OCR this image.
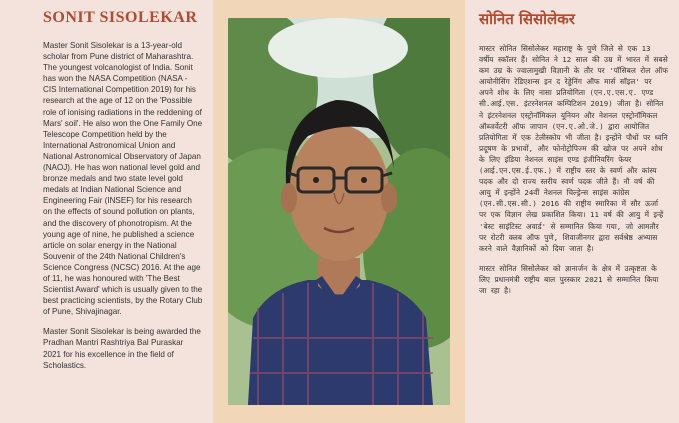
SONIT SISOLEKAR

Master Sonit Sisolekar is a 13-year-old scholar from Pune district of Maharashtra. The youngest volcanologist of India. Sonit has won the NASA Competition (NASA - CIS International Competition 2019) for his research at the age of 12 on the 'Possible role of ionising radiations in the reddening of Mars' soil'. He also won the One Family One Telescope Competition held by the International Astronomical Union and National Astronomical Observatory of Japan (NAOJ). He has won national level gold and bronze medals and two state level gold medals at Indian National Science and Engineering Fair (INSEF) for his research on the effects of sound pollution on plants, and the discovery of phonotropism. At the young age of nine, he published a science article on solar energy in the National Souvenir of the 24th National Children's Science Congress (NCSC) 2016. At the age of 11, he was honoured with 'The Best Scientist Award' which is usually given to the best practicing scientists, by the Rotary Club of Pune, Shivajinagar.

Master Sonit Sisolekar is being awarded the Pradhan Mantri Rashtriya Bal Puraskar 2021 for his excellence in the field of Scholastics.

सोनित सिसोलेकर

मास्टर सोनित सिसोलेकर महाराष्ट्र के पुणे जिले से एक 13 वर्षीय स्कॉलर हैं। सोनित ने 12 साल की उम्र में भारत में सबसे कम उम्र के ज्वालामुखी विज्ञानी के तौर पर 'पॉसिबल रोल ऑफ आयोनीसिंग रेडिएशन्स इन द रेड्डेनिंग ऑफ मार्स सॉइल' पर अपने शोध के लिए नासा प्रतियोगिता (एन.ए.एस.ए. एण्ड सी.आई.एस. इंटरनेशनल कम्पिटिशन 2019) जीता है। सोनित ने इंटरनेशनल एस्ट्रोनॉमिकल यूनियन और नेशनल एस्ट्रोनॉमिकल ऑब्जर्वेटरी ऑफ जापान (एन.ए.ओ.जे.) द्वारा आयोजित प्रतियोगिता में एक टेलीस्कोप भी जीता है। इन्होंने पौधों पर ध्वनि प्रदूषण के प्रभावों, और फोनोट्रोपिज्म की खोज पर अपने शोध के लिए इंडिया नेशनल साइंस एण्ड इंजीनियरिंग फेयर (आई.एन.एस.ई.एफ.) में राष्ट्रीय स्तर के स्वर्ण और कांस्य पदक और दो राज्य स्तरीय स्वर्ण पदक जीते हैं। नौ वर्ष की आयु में इन्होंने 24वीं नेशनल चिल्ड्रेन्स साइंस कांग्रेस (एन.सी.एस.सी.) 2016 की राष्ट्रीय स्मारिका में सौर ऊर्जा पर एक विज्ञान लेख प्रकाशित किया। 11 वर्ष की आयु में इन्हें 'बेस्ट साइंटिस्ट अवार्ड' से सम्मानित किया गया, जो आमतौर पर रोटरी क्लब ऑफ पुणे, शिवाजीनगर द्वारा सर्वश्रेष्ठ अभ्यास करने वाले वैज्ञानिकों को दिया जाता है।

मास्टर सोनित सिसोलेकर को ज्ञानार्जन के क्षेत्र में उत्कृष्टता के लिए प्रधानमंत्री राष्ट्रीय बाल पुरस्कार 2021 से सम्मानित किया जा रहा है।
